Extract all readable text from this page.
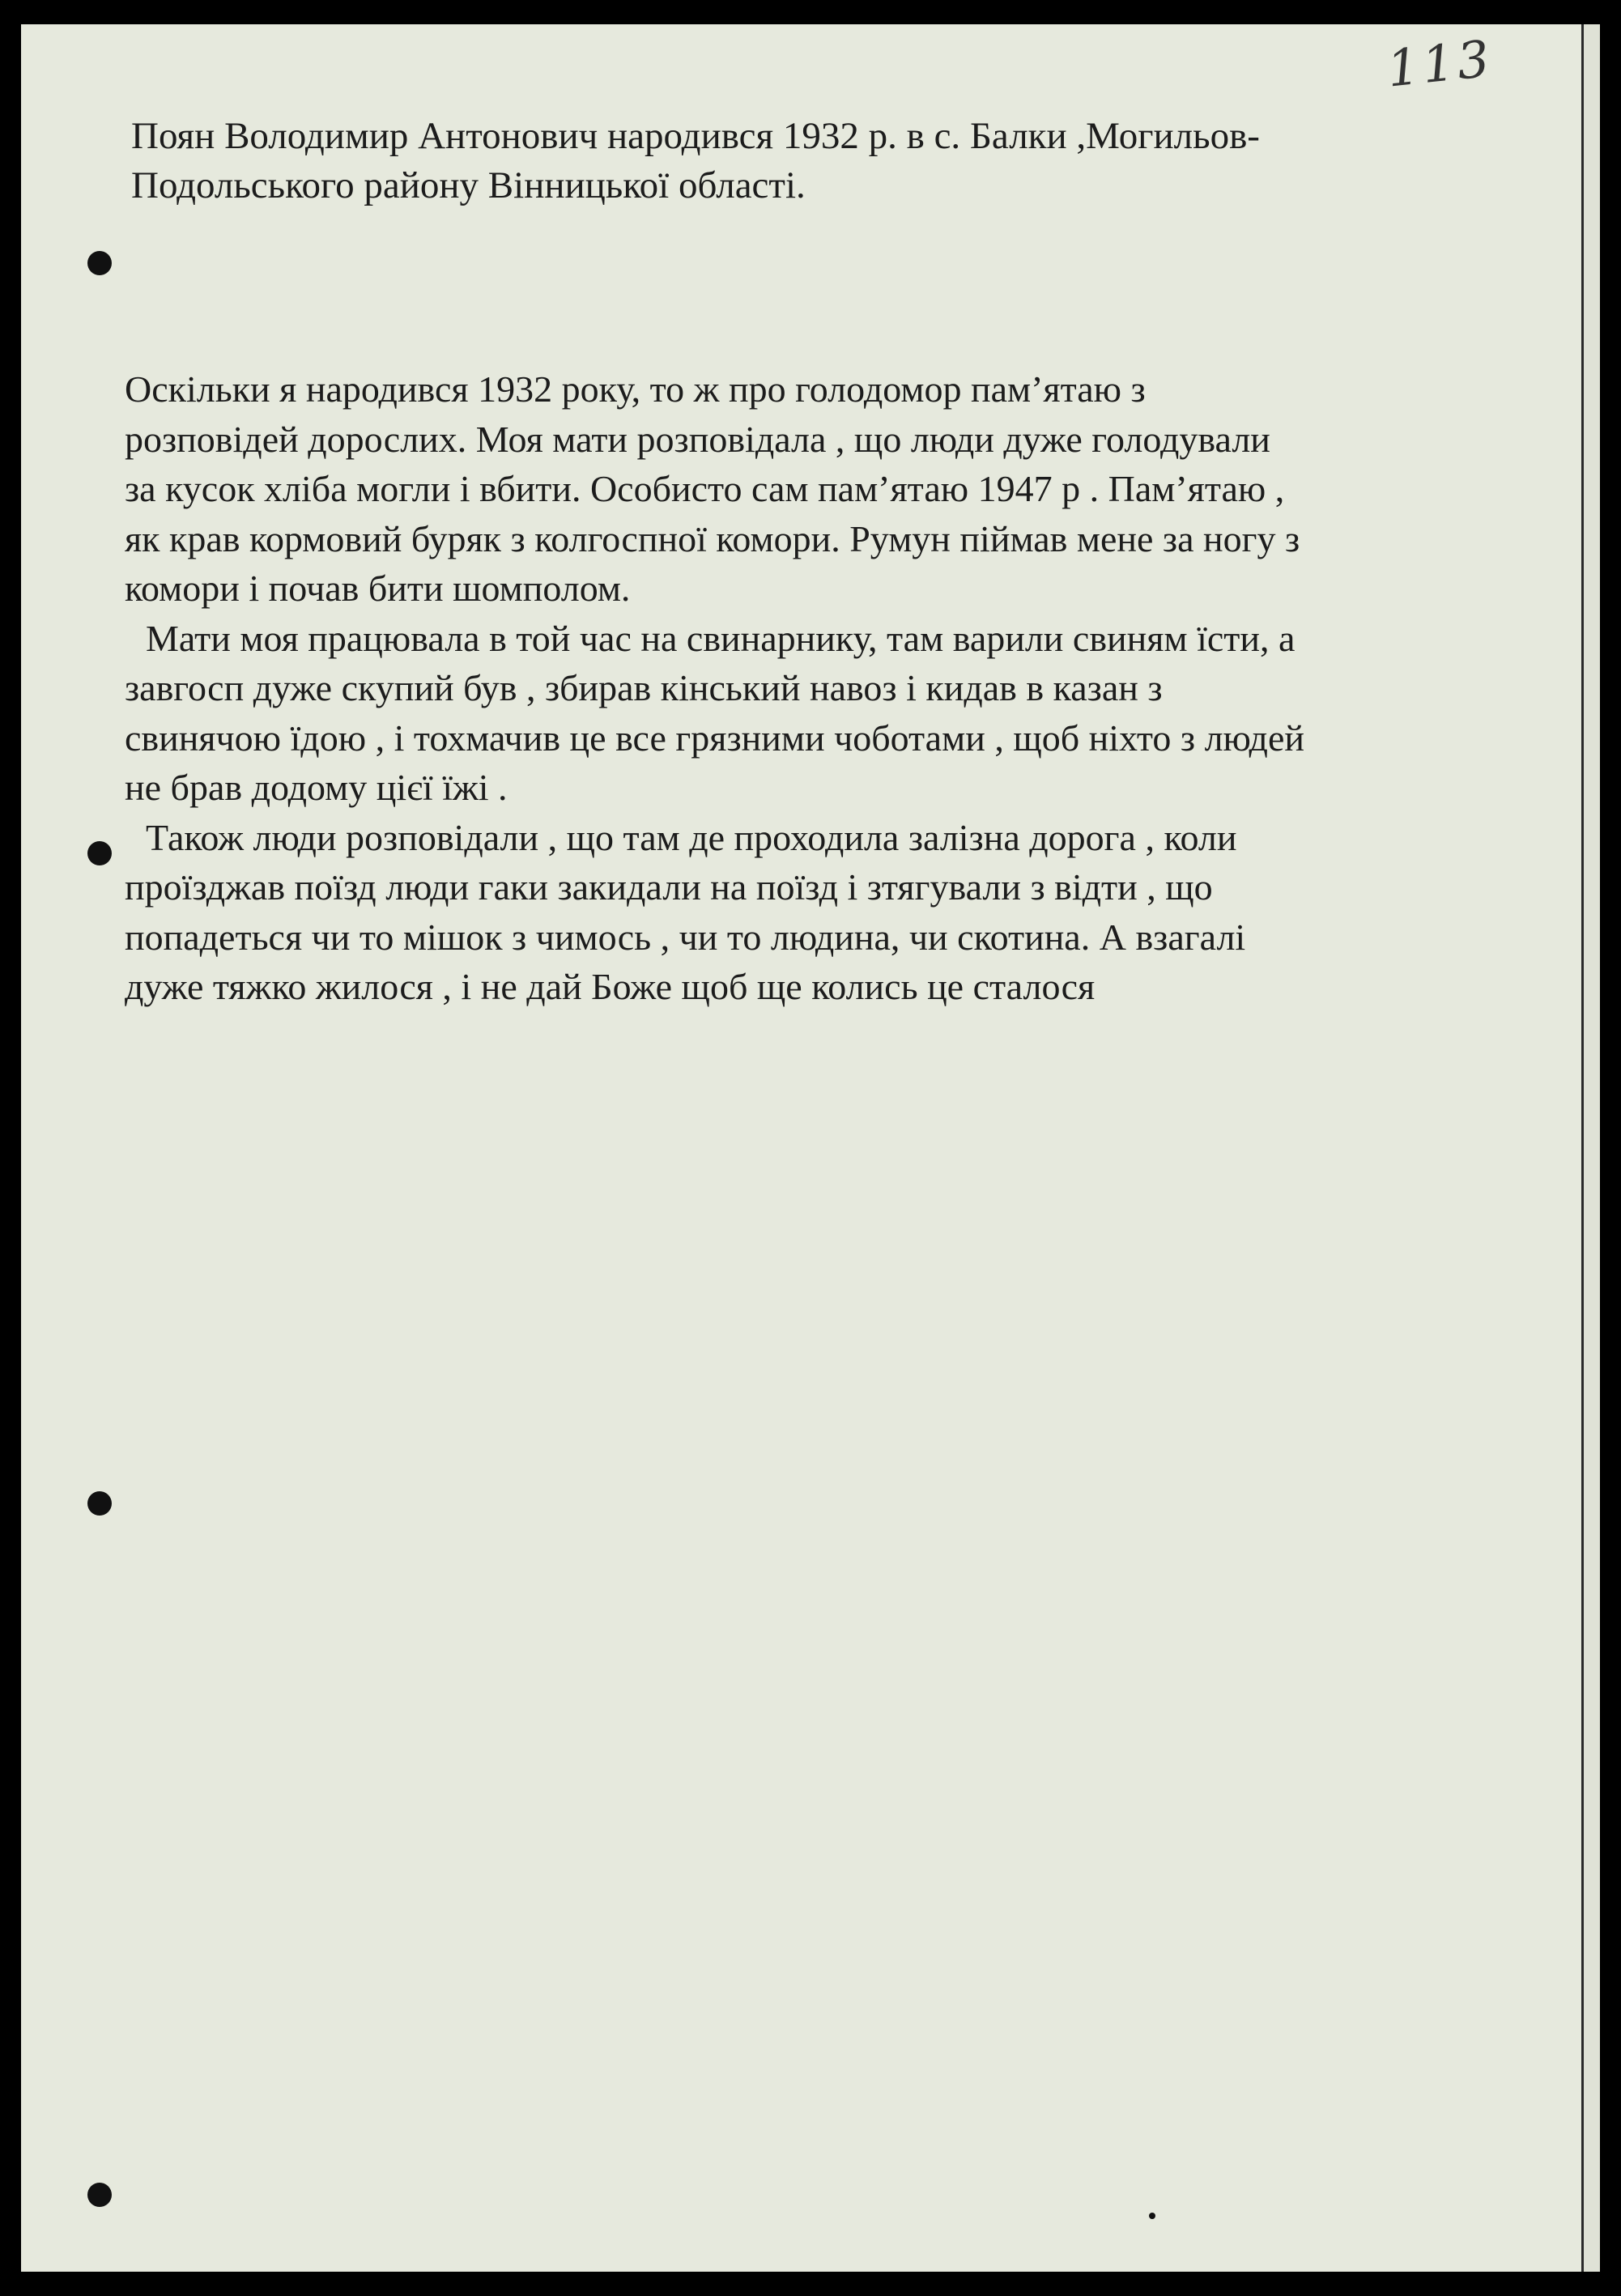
113
Поян Володимир Антонович народився 1932 р. в с. Балки ,Могильов-
Подольського району Вінницької області.
Оскільки я народився 1932 року, то ж про голодомор пам’ятаю з
розповідей дорослих. Моя мати розповідала , що люди дуже голодували
за кусок хліба могли і вбити. Особисто сам пам’ятаю 1947 р . Пам’ятаю ,
як крав кормовий буряк з колгоспної комори. Румун піймав мене за ногу з
комори і почав бити шомполом.
Мати моя працювала в той час на свинарнику, там варили свиням їсти, а
завгосп дуже скупий був , збирав кінський навоз і кидав в казан з
свинячою їдою , і тохмачив це все грязними чоботами , щоб ніхто з людей
не брав додому цієї їжі .
Також люди розповідали , що там де проходила залізна дорога , коли
проїзджав поїзд люди гаки закидали на поїзд і зтягували з відти , що
попадеться чи то мішок з чимось , чи то людина, чи скотина. А взагалі
дуже тяжко жилося , і не дай Боже щоб ще колись це сталося
